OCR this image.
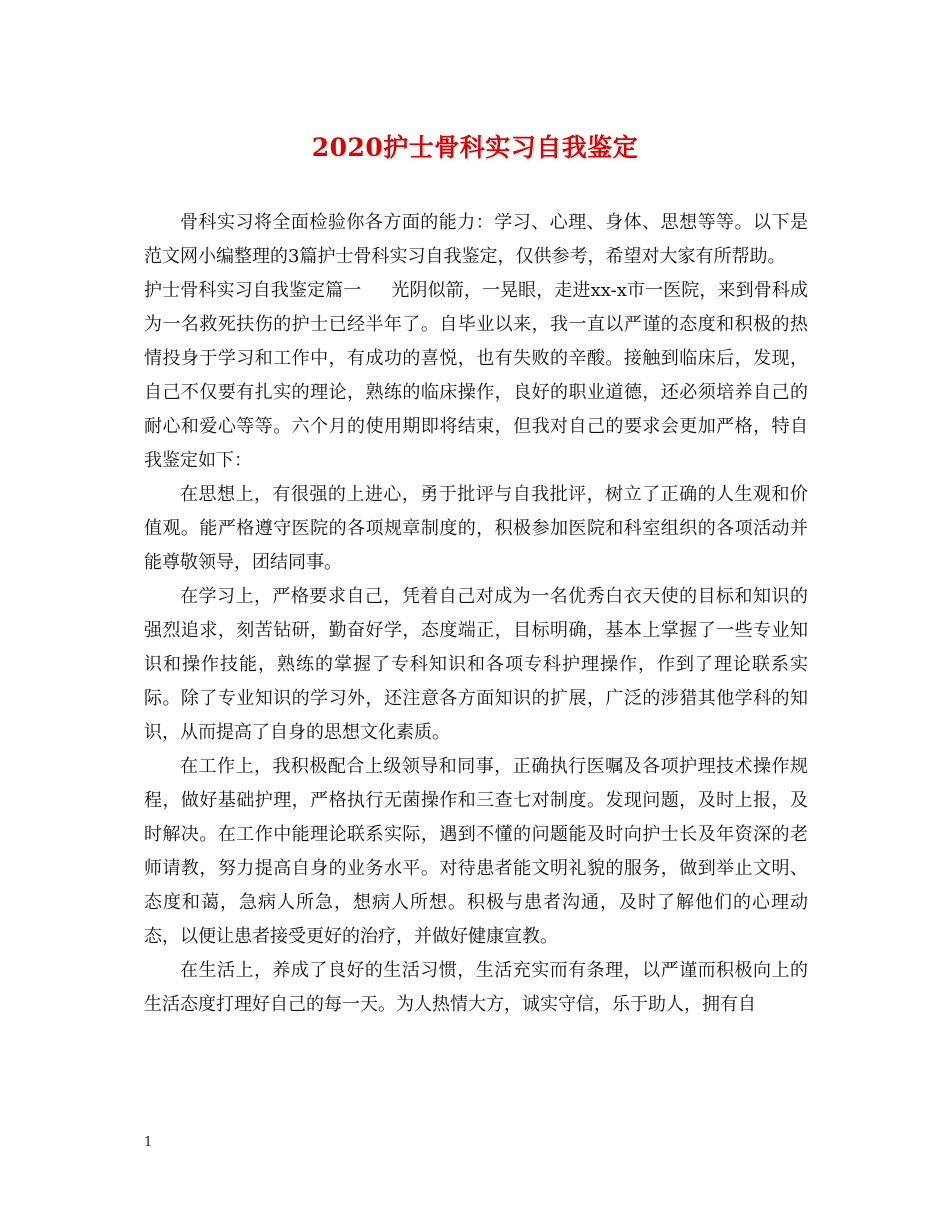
2020护士骨科实习自我鉴定

骨科实习将全面检验你各方面的能力：学习、心理、身体、思想等等。以下是范文网小编整理的3篇护士骨科实习自我鉴定，仅供参考，希望对大家有所帮助。

护士骨科实习自我鉴定篇一 光阴似箭，一晃眼，走进xx-x市一医院，来到骨科成为一名救死扶伤的护士已经半年了。自毕业以来，我一直以严谨的态度和积极的热情投身于学习和工作中，有成功的喜悦，也有失败的辛酸。接触到临床后，发现，自己不仅要有扎实的理论，熟练的临床操作，良好的职业道德，还必须培养自己的耐心和爱心等等。六个月的使用期即将结束，但我对自己的要求会更加严格，特自我鉴定如下：

在思想上，有很强的上进心，勇于批评与自我批评，树立了正确的人生观和价值观。能严格遵守医院的各项规章制度的，积极参加医院和科室组织的各项活动并能尊敬领导，团结同事。

在学习上，严格要求自己，凭着自己对成为一名优秀白衣天使的目标和知识的强烈追求，刻苦钻研，勤奋好学，态度端正，目标明确，基本上掌握了一些专业知识和操作技能，熟练的掌握了专科知识和各项专科护理操作，作到了理论联系实际。除了专业知识的学习外，还注意各方面知识的扩展，广泛的涉猎其他学科的知识，从而提高了自身的思想文化素质。

在工作上，我积极配合上级领导和同事，正确执行医嘱及各项护理技术操作规程，做好基础护理，严格执行无菌操作和三查七对制度。发现问题，及时上报，及时解决。在工作中能理论联系实际，遇到不懂的问题能及时向护士长及年资深的老师请教，努力提高自身的业务水平。对待患者能文明礼貌的服务，做到举止文明、态度和蔼，急病人所急，想病人所想。积极与患者沟通，及时了解他们的心理动态，以便让患者接受更好的治疗，并做好健康宣教。

在生活上，养成了良好的生活习惯，生活充实而有条理，以严谨而积极向上的生活态度打理好自己的每一天。为人热情大方，诚实守信，乐于助人，拥有自

1
